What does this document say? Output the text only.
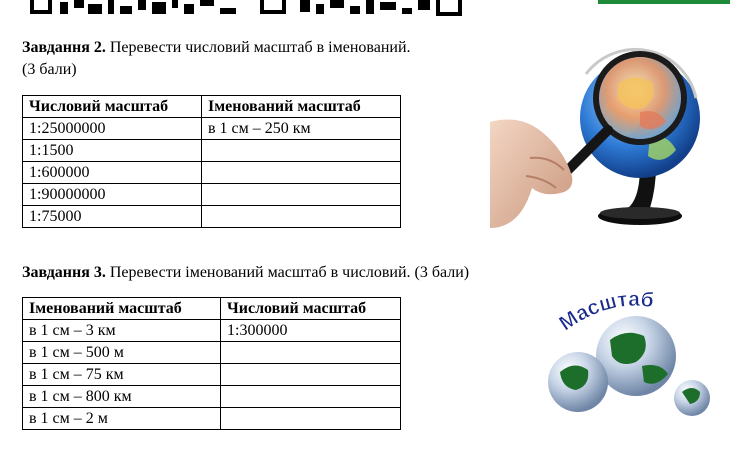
Завдання 2. Перевести числовий масштаб в іменований.
(3 бали)
Числовий масштаб	Іменований масштаб
1:25000000	в 1 см – 250 км
1:1500	
1:600000	
1:90000000	
1:75000	
Завдання 3. Перевести іменований масштаб в числовий. (3 бали)
Іменований масштаб	Числовий масштаб
в 1 см – 3 км	1:300000
в 1 см – 500 м	
в 1 см – 75 км	
в 1 см – 800 км	
в 1 см – 2 м	
Масштаб
